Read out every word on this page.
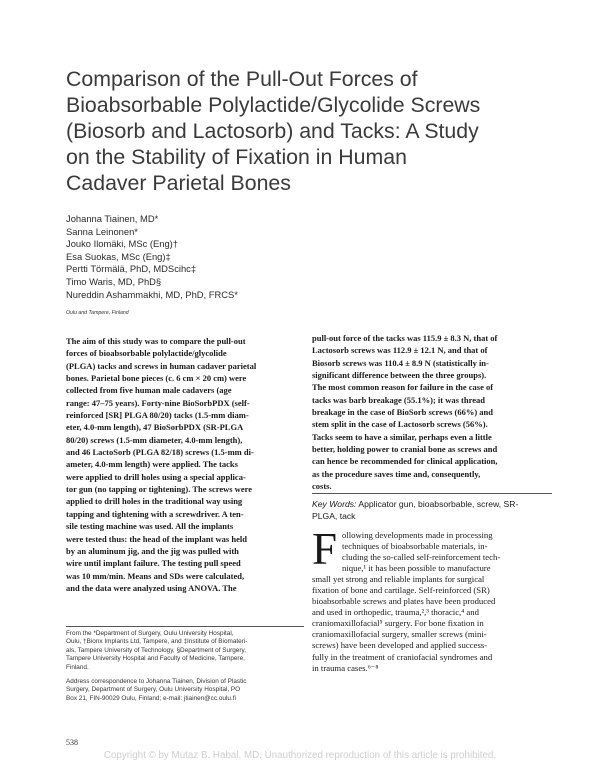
Comparison of the Pull-Out Forces of
Bioabsorbable Polylactide/Glycolide Screws
(Biosorb and Lactosorb) and Tacks: A Study
on the Stability of Fixation in Human
Cadaver Parietal Bones
Johanna Tiainen, MD*
Sanna Leinonen*
Jouko Ilomäki, MSc (Eng)†
Esa Suokas, MSc (Eng)‡
Pertti Törmälä, PhD, MDScihc‡
Timo Waris, MD, PhD§
Nureddin Ashammakhi, MD, PhD, FRCS*
Oulu and Tampere, Finland
The aim of this study was to compare the pull-out
forces of bioabsorbable polylactide/glycolide
(PLGA) tacks and screws in human cadaver parietal
bones. Parietal bone pieces (c. 6 cm × 20 cm) were
collected from five human male cadavers (age
range: 47–75 years). Forty-nine BioSorbPDX (self-
reinforced [SR] PLGA 80/20) tacks (1.5-mm diam-
eter, 4.0-mm length), 47 BioSorbPDX (SR-PLGA
80/20) screws (1.5-mm diameter, 4.0-mm length),
and 46 LactoSorb (PLGA 82/18) screws (1.5-mm di-
ameter, 4.0-mm length) were applied. The tacks
were applied to drill holes using a special applica-
tor gun (no tapping or tightening). The screws were
applied to drill holes in the traditional way using
tapping and tightening with a screwdriver. A ten-
sile testing machine was used. All the implants
were tested thus: the head of the implant was held
by an aluminum jig, and the jig was pulled with
wire until implant failure. The testing pull speed
was 10 mm/min. Means and SDs were calculated,
and the data were analyzed using ANOVA. The
pull-out force of the tacks was 115.9 ± 8.3 N, that of
Lactosorb screws was 112.9 ± 12.1 N, and that of
Biosorb screws was 110.4 ± 8.9 N (statistically in-
significant difference between the three groups).
The most common reason for failure in the case of
tacks was barb breakage (55.1%); it was thread
breakage in the case of BioSorb screws (66%) and
stem split in the case of Lactosorb screws (56%).
Tacks seem to have a similar, perhaps even a little
better, holding power to cranial bone as screws and
can hence be recommended for clinical application,
as the procedure saves time and, consequently,
costs.
Key Words: Applicator gun, bioabsorbable, screw, SR-
PLGA, tack
F ollowing developments made in processing
techniques of bioabsorbable materials, in-
cluding the so-called self-reinforcement tech-
nique,¹ it has been possible to manufacture
small yet strong and reliable implants for surgical
fixation of bone and cartilage. Self-reinforced (SR)
bioabsorbable screws and plates have been produced
and used in orthopedic, trauma,²,³ thoracic,⁴ and
craniomaxillofacial⁵ surgery. For bone fixation in
craniomaxillofacial surgery, smaller screws (mini-
screws) have been developed and applied success-
fully in the treatment of craniofacial syndromes and
in trauma cases.⁶⁻⁸
From the *Department of Surgery, Oulu University Hospital,
Oulu, †Bionx Implants Ltd, Tampere, and ‡Institute of Biomateri-
als, Tampere University of Technology, §Department of Surgery,
Tampere University Hospital and Faculty of Medicine, Tampere,
Finland.
Address correspondence to Johanna Tiainen, Division of Plastic
Surgery, Department of Surgery, Oulu University Hospital, PO
Box 21, FIN-90029 Oulu, Finland; e-mail: jtiainen@cc.oulu.fi
538
Copyright © by Mutaz B. Habal, MD. Unauthorized reproduction of this article is prohibited.
